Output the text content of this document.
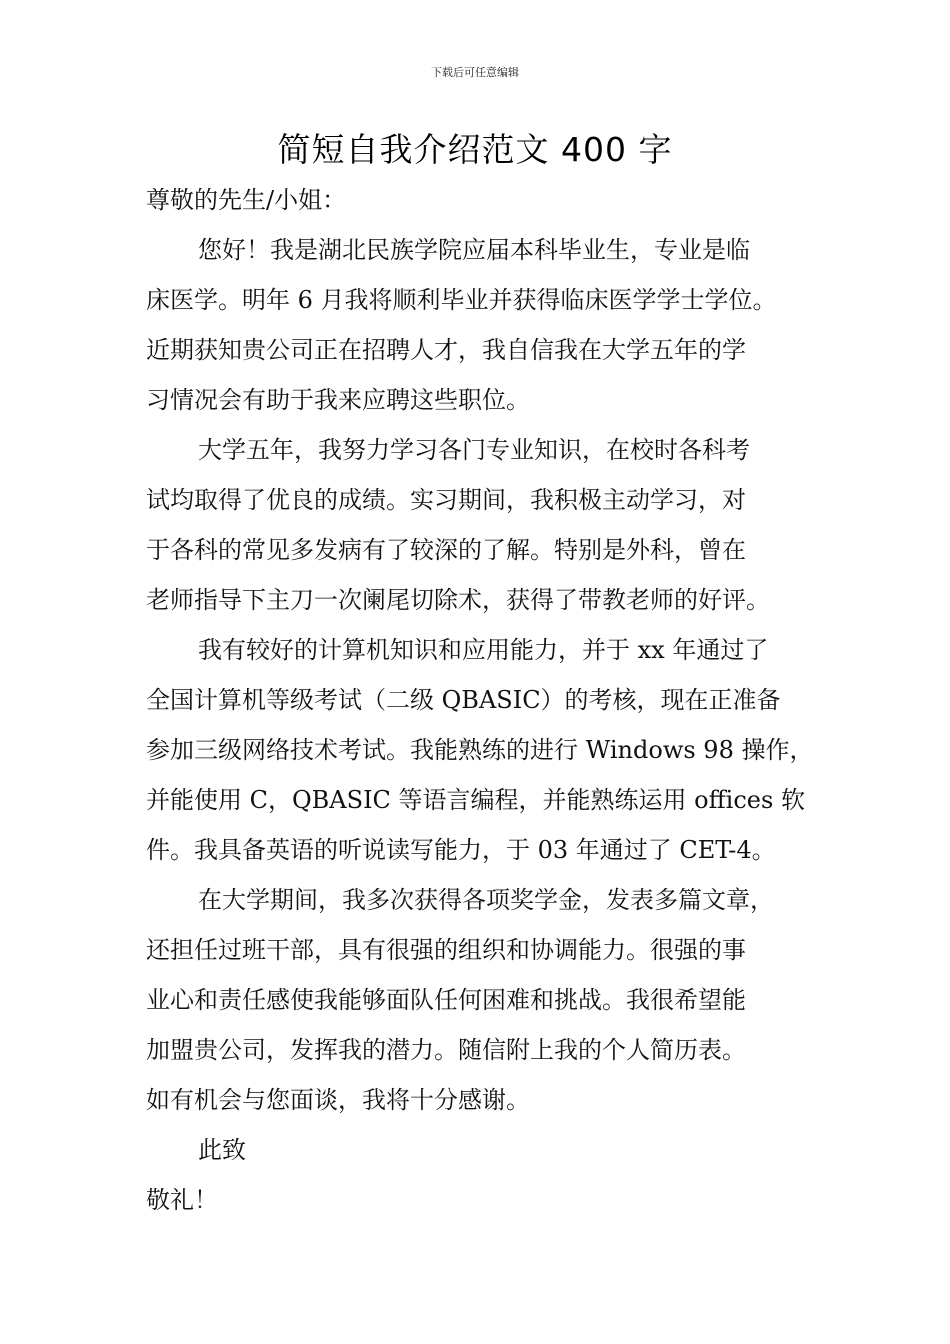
下载后可任意编辑
简短自我介绍范文 400 字
尊敬的先生/小姐：
您好！我是湖北民族学院应届本科毕业生，专业是临
床医学。明年 6 月我将顺利毕业并获得临床医学学士学位。
近期获知贵公司正在招聘人才，我自信我在大学五年的学
习情况会有助于我来应聘这些职位。
大学五年，我努力学习各门专业知识，在校时各科考
试均取得了优良的成绩。实习期间，我积极主动学习，对
于各科的常见多发病有了较深的了解。特别是外科，曾在
老师指导下主刀一次阑尾切除术，获得了带教老师的好评。
我有较好的计算机知识和应用能力，并于 xx 年通过了
全国计算机等级考试（二级 QBASIC）的考核，现在正准备
参加三级网络技术考试。我能熟练的进行 Windows 98 操作，
并能使用 C，QBASIC 等语言编程，并能熟练运用 offices 软
件。我具备英语的听说读写能力，于 03 年通过了 CET-4。
在大学期间，我多次获得各项奖学金，发表多篇文章，
还担任过班干部，具有很强的组织和协调能力。很强的事
业心和责任感使我能够面队任何困难和挑战。我很希望能
加盟贵公司，发挥我的潜力。随信附上我的个人简历表。
如有机会与您面谈，我将十分感谢。
此致
敬礼！
